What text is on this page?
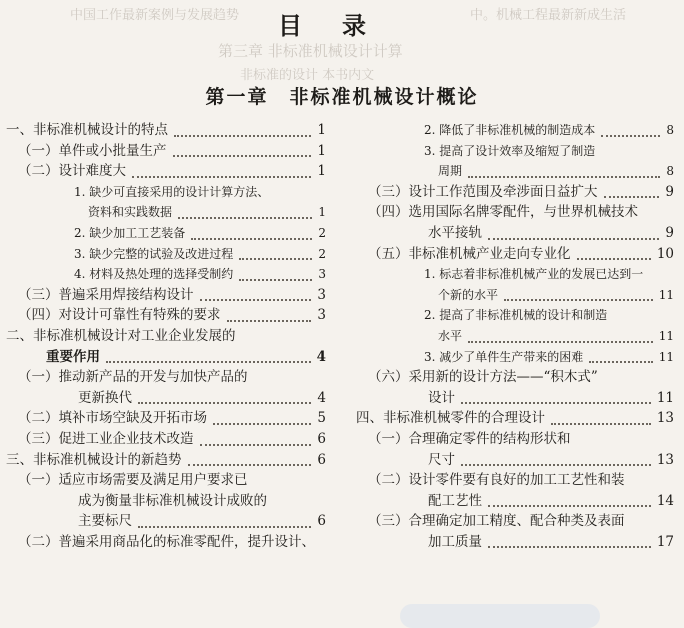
中国工作最新案例与发展趋势	中。机械工程最新新成生活
第三章 非标准机械设计计算
非标准的设计 本书内文
目录
第一章　非标准机械设计概论
一、非标准机械设计的特点	1
（一）单件或小批量生产	1
（二）设计难度大	1
1. 缺少可直接采用的设计计算方法、
资料和实践数据	1
2. 缺少加工工艺装备	2
3. 缺少完整的试验及改进过程	2
4. 材料及热处理的选择受制约	3
（三）普遍采用焊接结构设计	3
（四）对设计可靠性有特殊的要求	3
二、非标准机械设计对工业企业发展的
重要作用	4
（一）推动新产品的开发与加快产品的
更新换代	4
（二）填补市场空缺及开拓市场	5
（三）促进工业企业技术改造	6
三、非标准机械设计的新趋势	6
（一）适应市场需要及满足用户要求已
成为衡量非标准机械设计成败的
主要标尺	6
（二）普遍采用商品化的标准零配件，提升设计、
2. 降低了非标准机械的制造成本	8
3. 提高了设计效率及缩短了制造
周期	8
（三）设计工作范围及牵涉面日益扩大	9
（四）选用国际名牌零配件，与世界机械技术
水平接轨	9
（五）非标准机械产业走向专业化	10
1. 标志着非标准机械产业的发展已达到一
个新的水平	11
2. 提高了非标准机械的设计和制造
水平	11
3. 减少了单件生产带来的困难	11
（六）采用新的设计方法——“积木式”
设计	11
四、非标准机械零件的合理设计	13
（一）合理确定零件的结构形状和
尺寸	13
（二）设计零件要有良好的加工工艺性和装
配工艺性	14
（三）合理确定加工精度、配合种类及表面
加工质量	17
